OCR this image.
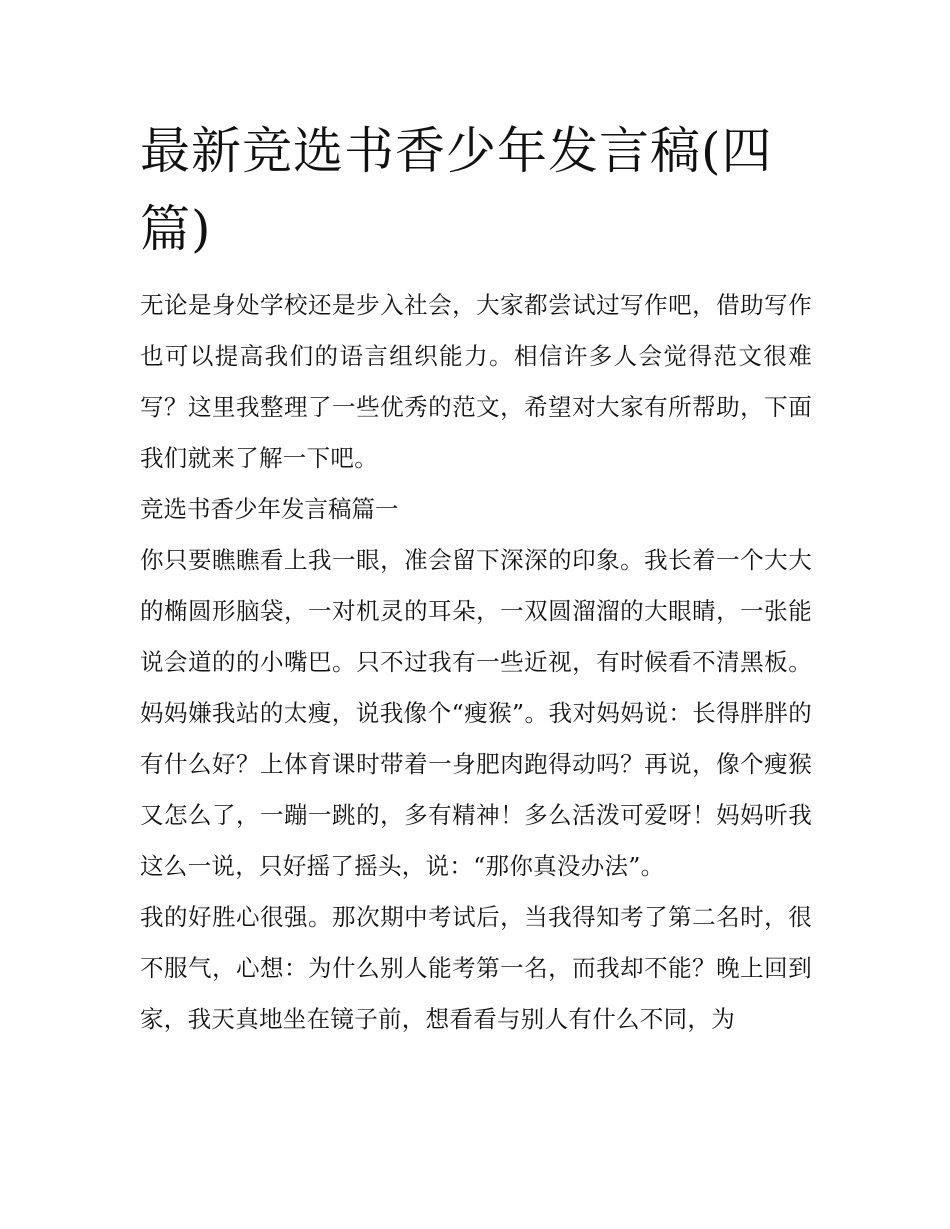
最新竞选书香少年发言稿(四篇)

无论是身处学校还是步入社会，大家都尝试过写作吧，借助写作也可以提高我们的语言组织能力。相信许多人会觉得范文很难写？这里我整理了一些优秀的范文，希望对大家有所帮助，下面我们就来了解一下吧。

竞选书香少年发言稿篇一

你只要瞧瞧看上我一眼，准会留下深深的印象。我长着一个大大的椭圆形脑袋，一对机灵的耳朵，一双圆溜溜的大眼睛，一张能说会道的的小嘴巴。只不过我有一些近视，有时候看不清黑板。妈妈嫌我站的太瘦，说我像个“瘦猴”。我对妈妈说：长得胖胖的有什么好？上体育课时带着一身肥肉跑得动吗？再说，像个瘦猴又怎么了，一蹦一跳的，多有精神！多么活泼可爱呀！妈妈听我这么一说，只好摇了摇头，说：“那你真没办法”。

我的好胜心很强。那次期中考试后，当我得知考了第二名时，很不服气，心想：为什么别人能考第一名，而我却不能？晚上回到家，我天真地坐在镜子前，想看看与别人有什么不同，为
